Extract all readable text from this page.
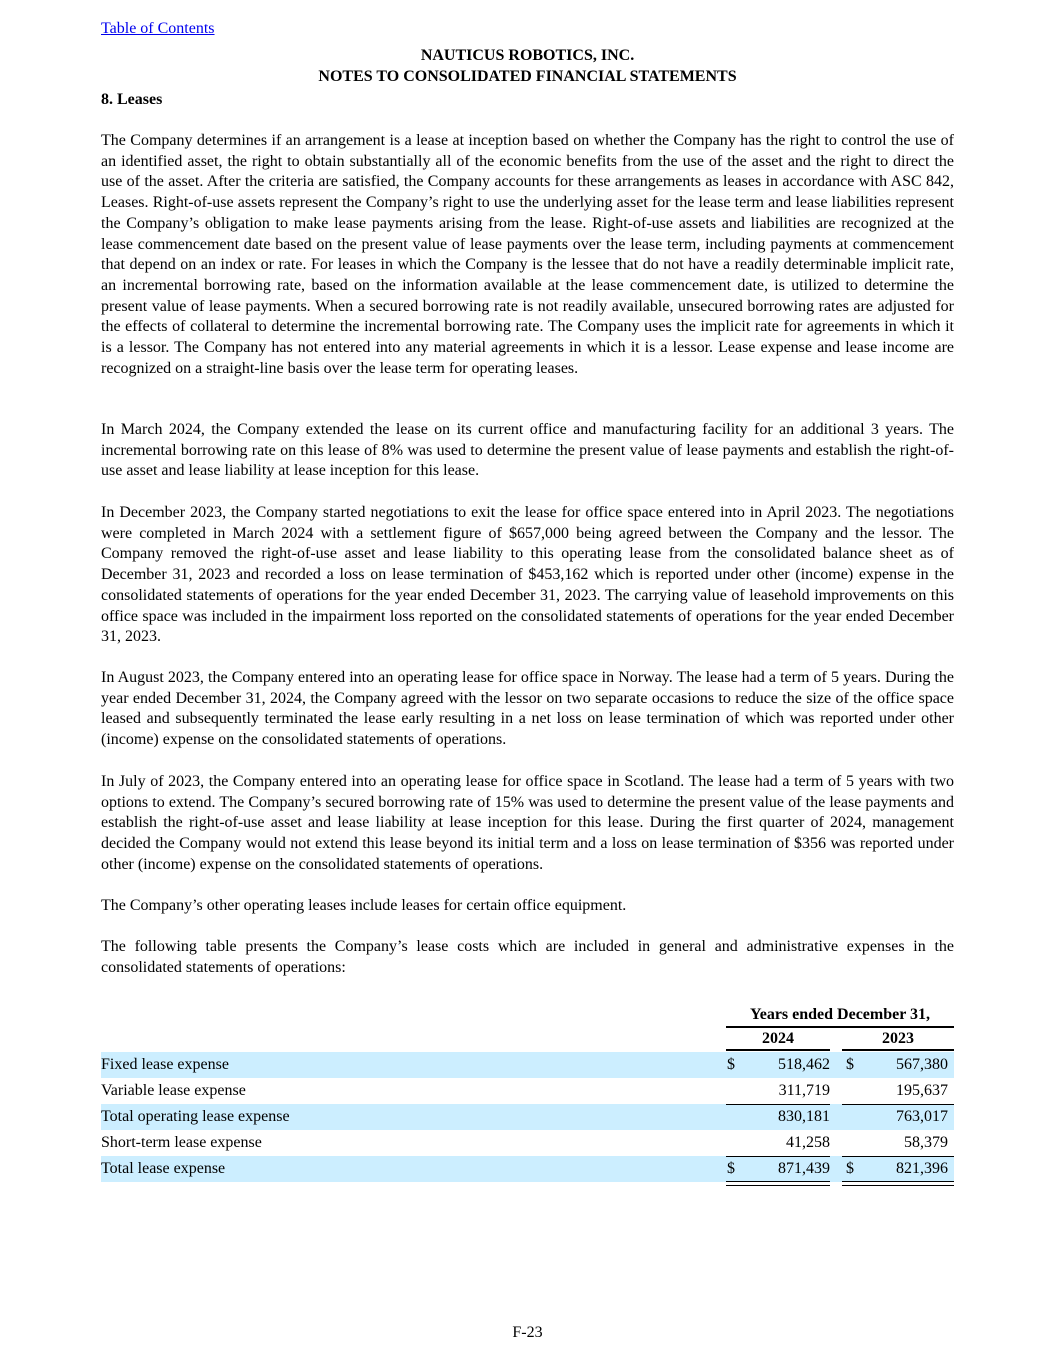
Table of Contents
NAUTICUS ROBOTICS, INC.
NOTES TO CONSOLIDATED FINANCIAL STATEMENTS
8. Leases

The Company determines if an arrangement is a lease at inception based on whether the Company has the right to control the use of an identified asset, the right to obtain substantially all of the economic benefits from the use of the asset and the right to direct the use of the asset. After the criteria are satisfied, the Company accounts for these arrangements as leases in accordance with ASC 842, Leases. Right-of-use assets represent the Company’s right to use the underlying asset for the lease term and lease liabilities represent the Company’s obligation to make lease payments arising from the lease. Right-of-use assets and liabilities are recognized at the lease commencement date based on the present value of lease payments over the lease term, including payments at commencement that depend on an index or rate. For leases in which the Company is the lessee that do not have a readily determinable implicit rate, an incremental borrowing rate, based on the information available at the lease commencement date, is utilized to determine the present value of lease payments. When a secured borrowing rate is not readily available, unsecured borrowing rates are adjusted for the effects of collateral to determine the incremental borrowing rate. The Company uses the implicit rate for agreements in which it is a lessor. The Company has not entered into any material agreements in which it is a lessor. Lease expense and lease income are recognized on a straight-line basis over the lease term for operating leases.

In March 2024, the Company extended the lease on its current office and manufacturing facility for an additional 3 years. The incremental borrowing rate on this lease of 8% was used to determine the present value of lease payments and establish the right-of-use asset and lease liability at lease inception for this lease.

In December 2023, the Company started negotiations to exit the lease for office space entered into in April 2023. The negotiations were completed in March 2024 with a settlement figure of $657,000 being agreed between the Company and the lessor. The Company removed the right-of-use asset and lease liability to this operating lease from the consolidated balance sheet as of December 31, 2023 and recorded a loss on lease termination of $453,162 which is reported under other (income) expense in the consolidated statements of operations for the year ended December 31, 2023. The carrying value of leasehold improvements on this office space was included in the impairment loss reported on the consolidated statements of operations for the year ended December 31, 2023.

In August 2023, the Company entered into an operating lease for office space in Norway. The lease had a term of 5 years. During the year ended December 31, 2024, the Company agreed with the lessor on two separate occasions to reduce the size of the office space leased and subsequently terminated the lease early resulting in a net loss on lease termination of which was reported under other (income) expense on the consolidated statements of operations.

In July of 2023, the Company entered into an operating lease for office space in Scotland. The lease had a term of 5 years with two options to extend. The Company’s secured borrowing rate of 15% was used to determine the present value of the lease payments and establish the right-of-use asset and lease liability at lease inception for this lease. During the first quarter of 2024, management decided the Company would not extend this lease beyond its initial term and a loss on lease termination of $356 was reported under other (income) expense on the consolidated statements of operations.

The Company’s other operating leases include leases for certain office equipment.

The following table presents the Company’s lease costs which are included in general and administrative expenses in the consolidated statements of operations:

Years ended December 31,
2024	2023
Fixed lease expense	$	518,462 $	567,380
Variable lease expense	311,719	195,637
Total operating lease expense	830,181	763,017
Short-term lease expense	41,258	58,379
Total lease expense	$	871,439 $	821,396
F-23
